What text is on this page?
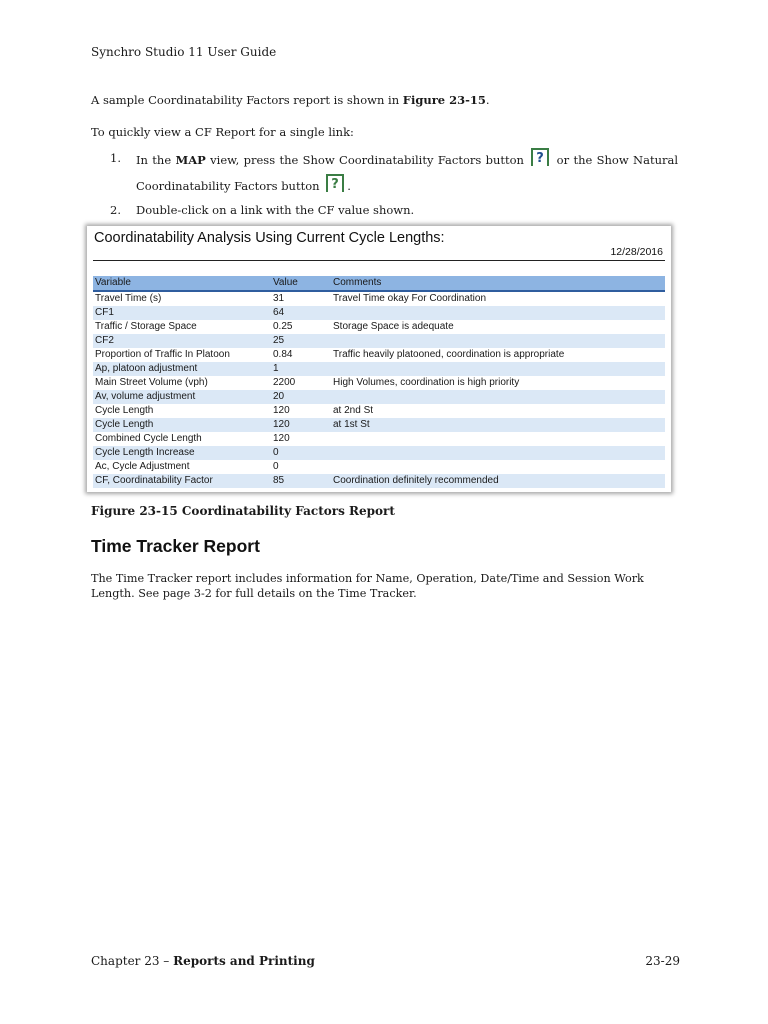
Synchro Studio 11 User Guide
A sample Coordinatability Factors report is shown in Figure 23-15.
To quickly view a CF Report for a single link:
1. In the MAP view, press the Show Coordinatability Factors button ? or the Show Natural
Coordinatability Factors button ? .
2. Double-click on a link with the CF value shown.
Coordinatability Analysis Using Current Cycle Lengths:
12/28/2016
Variable	Value	Comments
Travel Time (s)	31	Travel Time okay For Coordination
CF1	64	
Traffic / Storage Space	0.25	Storage Space is adequate
CF2	25	
Proportion of Traffic In Platoon	0.84	Traffic heavily platooned, coordination is appropriate
Ap, platoon adjustment	1	
Main Street Volume (vph)	2200	High Volumes, coordination is high priority
Av, volume adjustment	20	
Cycle Length	120	at 2nd St
Cycle Length	120	at 1st St
Combined Cycle Length	120	
Cycle Length Increase	0	
Ac, Cycle Adjustment	0	
CF, Coordinatability Factor	85	Coordination definitely recommended
Figure 23-15 Coordinatability Factors Report
Time Tracker Report
The Time Tracker report includes information for Name, Operation, Date/Time and Session Work Length. See page 3-2 for full details on the Time Tracker.
Chapter 23 – Reports and Printing	23-29
